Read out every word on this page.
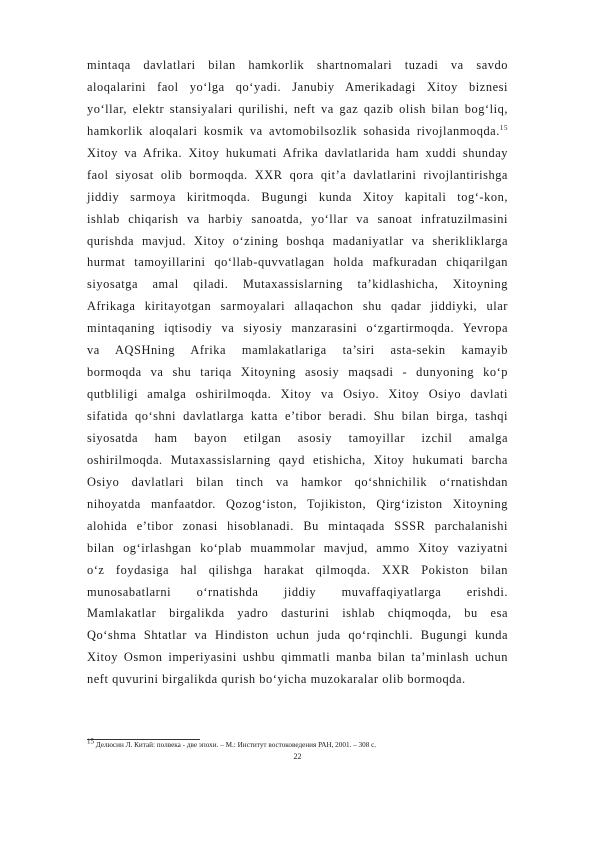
mintaqa davlatlari bilan hamkorlik shartnomalari tuzadi va savdo
aloqalarini faol yo‘lga qo‘yadi. Janubiy Amerikadagi Xitoy biznesi
yo‘llar, elektr stansiyalari qurilishi, neft va gaz qazib olish bilan bog‘liq,
hamkorlik aloqalari kosmik va avtomobilsozlik sohasida rivojlanmoqda.$^{15}$
Xitoy va Afrika. Xitoy hukumati Afrika davlatlarida ham xuddi shunday
faol siyosat olib bormoqda. XXR qora qit’a davlatlarini rivojlantirishga
jiddiy sarmoya kiritmoqda. Bugungi kunda Xitoy kapitali tog‘-kon,
ishlab chiqarish va harbiy sanoatda, yo‘llar va sanoat infratuzilmasini
qurishda mavjud. Xitoy o‘zining boshqa madaniyatlar va sherikliklarga
hurmat tamoyillarini qo‘llab-quvvatlagan holda mafkuradan chiqarilgan
siyosatga amal qiladi. Mutaxassislarning ta’kidlashicha, Xitoyning
Afrikaga kiritayotgan sarmoyalari allaqachon shu qadar jiddiyki, ular
mintaqaning iqtisodiy va siyosiy manzarasini o‘zgartirmoqda. Yevropa
va AQSHning Afrika mamlakatlariga ta’siri asta-sekin kamayib
bormoqda va shu tariqa Xitoyning asosiy maqsadi - dunyoning ko‘p
qutbliligi amalga oshirilmoqda. Xitoy va Osiyo. Xitoy Osiyo davlati
sifatida qo‘shni davlatlarga katta e’tibor beradi. Shu bilan birga, tashqi
siyosatda ham bayon etilgan asosiy tamoyillar izchil amalga
oshirilmoqda. Mutaxassislarning qayd etishicha, Xitoy hukumati barcha
Osiyo davlatlari bilan tinch va hamkor qo‘shnichilik o‘rnatishdan
nihoyatda manfaatdor. Qozog‘iston, Tojikiston, Qirg‘iziston Xitoyning
alohida e’tibor zonasi hisoblanadi. Bu mintaqada SSSR parchalanishi
bilan og‘irlashgan ko‘plab muammolar mavjud, ammo Xitoy vaziyatni
o‘z foydasiga hal qilishga harakat qilmoqda. XXR Pokiston bilan
munosabatlarni o‘rnatishda jiddiy muvaffaqiyatlarga erishdi.
Mamlakatlar birgalikda yadro dasturini ishlab chiqmoqda, bu esa
Qo‘shma Shtatlar va Hindiston uchun juda qo‘rqinchli. Bugungi kunda
Xitoy Osmon imperiyasini ushbu qimmatli manba bilan ta’minlash uchun
neft quvurini birgalikda qurish bo‘yicha muzokaralar olib bormoqda.
$^{15}$ Делюсин Л. Китай: полвека - две эпохи. – М.: Институт востоковедения РАН, 2001. – 308 с.
22
